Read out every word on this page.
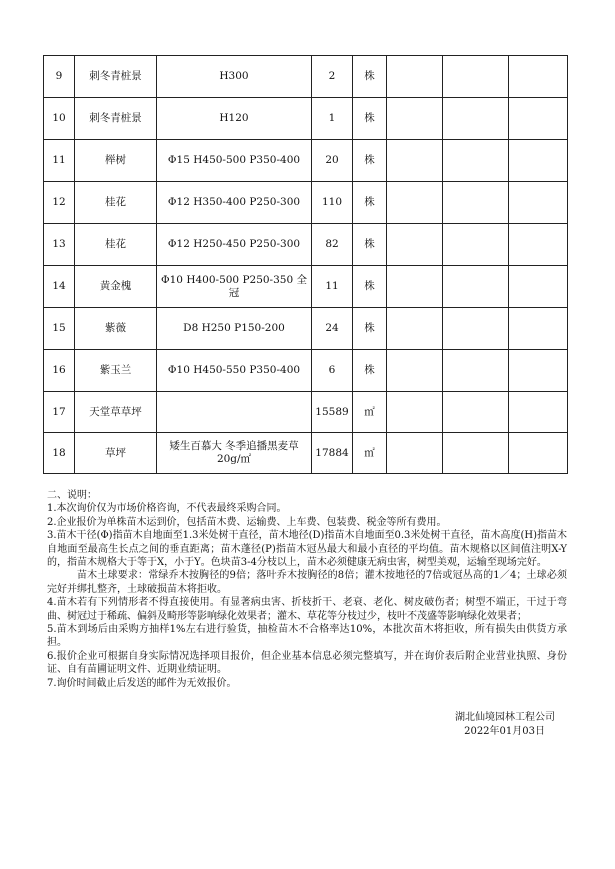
9	刺冬青桩景	H300	2	株			
10	刺冬青桩景	H120	1	株			
11	榉树	Φ15 H450-500 P350-400	20	株			
12	桂花	Φ12 H350-400 P250-300	110	株			
13	桂花	Φ12 H250-450 P250-300	82	株			
14	黄金槐	Φ10 H400-500 P250-350 全冠	11	株			
15	紫薇	D8 H250 P150-200	24	株			
16	紫玉兰	Φ10 H450-550 P350-400	6	株			
17	天堂草草坪		15589	㎡			
18	草坪	矮生百慕大 冬季追播黑麦草20g/㎡	17884	㎡			

二、说明：

1.本次询价仅为市场价格咨询，不代表最终采购合同。

2.企业报价为单株苗木运到价，包括苗木费、运输费、上车费、包装费、税金等所有费用。

3.苗木干径(Φ)指苗木自地面至1.3米处树干直径，苗木地径(D)指苗木自地面至0.3米处树干直径，苗木高度(H)指苗木自地面至最高生长点之间的垂直距离；苗木蓬径(P)指苗木冠丛最大和最小直径的平均值。苗木规格以区间值注明X-Y的，指苗木规格大于等于X，小于Y。色块苗3-4分枝以上，苗木必须健康无病虫害，树型美观，运输至现场完好。

苗木土球要求：常绿乔木按胸径的9倍；落叶乔木按胸径的8倍；灌木按地径的7倍或冠丛高的1／4；土球必须完好并绑扎整齐，土球破损苗木将拒收。

4.苗木若有下列情形者不得直接使用。有显著病虫害、折枝折干、老衰、老化、树皮破伤者；树型不端正，干过于弯曲、树冠过于稀疏、偏斜及畸形等影响绿化效果者；灌木、草花等分枝过少，枝叶不茂盛等影响绿化效果者；

5.苗木到场后由采购方抽样1%左右进行验货，抽检苗木不合格率达10%，本批次苗木将拒收，所有损失由供货方承担。

6.报价企业可根据自身实际情况选择项目报价，但企业基本信息必须完整填写，并在询价表后附企业营业执照、身份证、自有苗圃证明文件、近期业绩证明。

7.询价时间截止后发送的邮件为无效报价。

湖北仙境园林工程公司
2022年01月03日
